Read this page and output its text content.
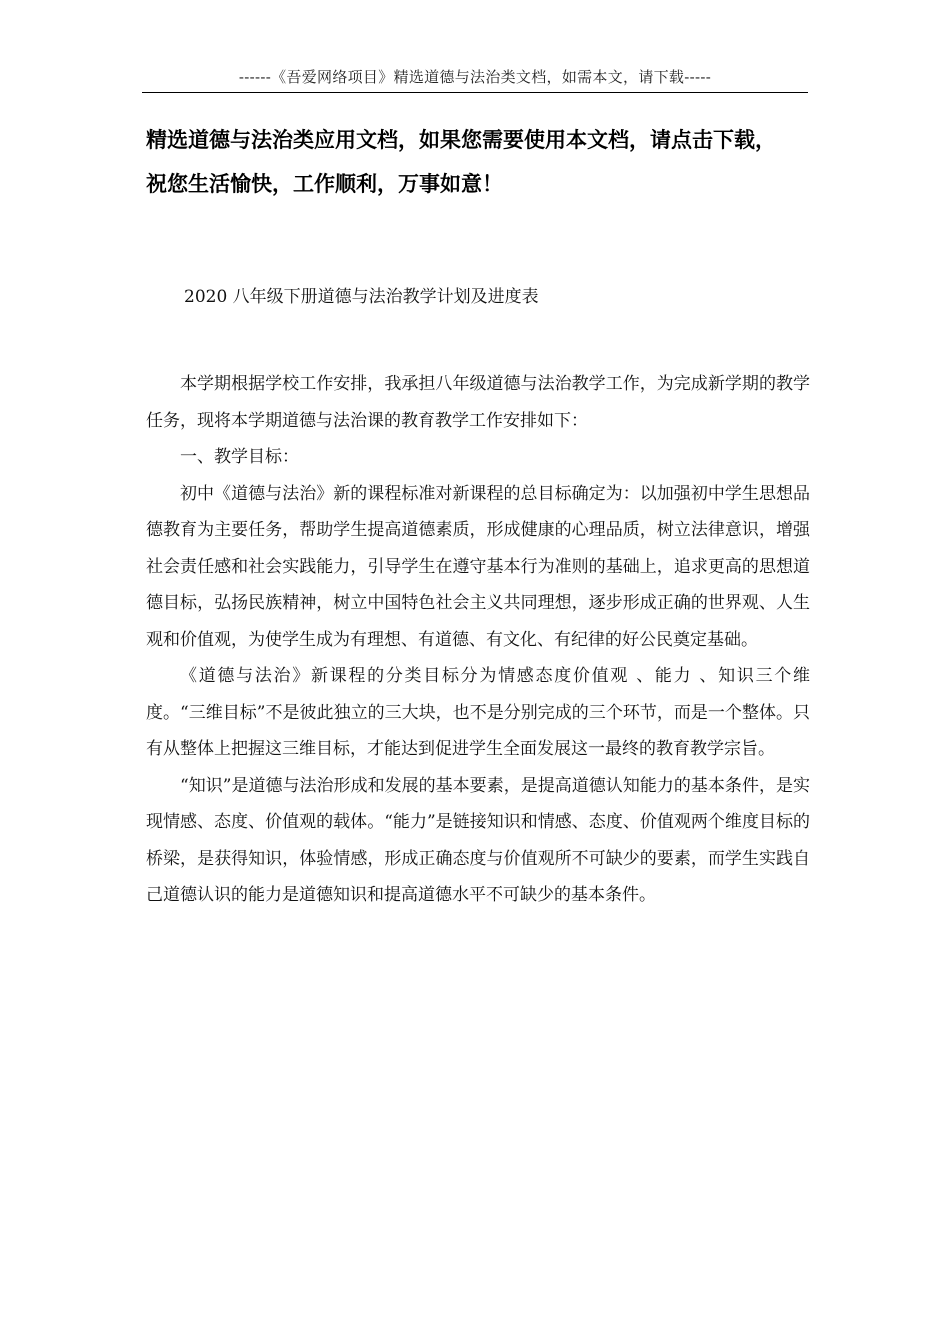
------《吾爱网络项目》精选道德与法治类文档，如需本文，请下载-----

精选道德与法治类应用文档，如果您需要使用本文档，请点击下载，

祝您生活愉快，工作顺利，万事如意！

2020 八年级下册道德与法治教学计划及进度表

本学期根据学校工作安排，我承担八年级道德与法治教学工作，为完成新学期的教学任务，现将本学期道德与法治课的教育教学工作安排如下：

一、教学目标：

初中《道德与法治》新的课程标准对新课程的总目标确定为：以加强初中学生思想品德教育为主要任务，帮助学生提高道德素质，形成健康的心理品质，树立法律意识，增强社会责任感和社会实践能力，引导学生在遵守基本行为准则的基础上，追求更高的思想道德目标，弘扬民族精神，树立中国特色社会主义共同理想，逐步形成正确的世界观、人生观和价值观，为使学生成为有理想、有道德、有文化、有纪律的好公民奠定基础。

《道德与法治》新课程的分类目标分为情感态度价值观 、能力 、知识三个维度。“三维目标”不是彼此独立的三大块，也不是分别完成的三个环节，而是一个整体。只有从整体上把握这三维目标，才能达到促进学生全面发展这一最终的教育教学宗旨。

“知识”是道德与法治形成和发展的基本要素，是提高道德认知能力的基本条件，是实现情感、态度、价值观的载体。“能力”是链接知识和情感、态度、价值观两个维度目标的桥梁，是获得知识，体验情感，形成正确态度与价值观所不可缺少的要素，而学生实践自己道德认识的能力是道德知识和提高道德水平不可缺少的基本条件。
